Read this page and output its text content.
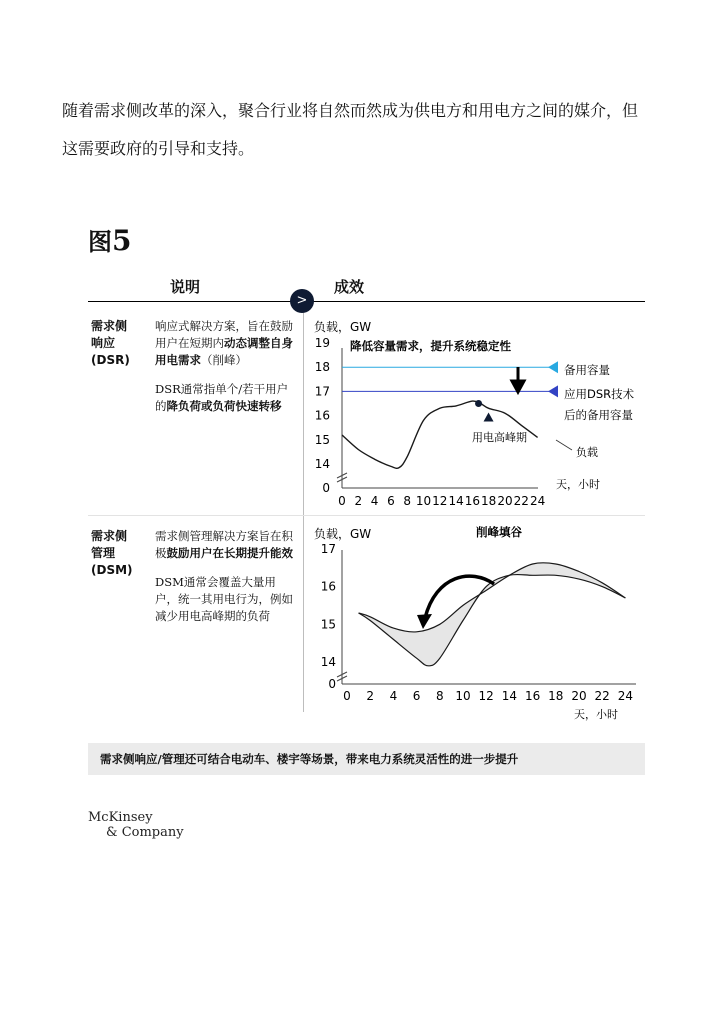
随着需求侧改革的深入，聚合行业将自然而然成为供电方和用电方之间的媒介，但
这需要政府的引导和支持。
图5
说明	成效
>
需求侧
响应
(DSR)

响应式解决方案，旨在鼓励用户在短期内动态调整自身用电需求（削峰）

DSR通常指单个/若干用户的降负荷或负荷快速转移

需求侧
管理
(DSM)

需求侧管理解决方案旨在积极鼓励用户在长期提升能效

DSM通常会覆盖大量用户，统一其用电行为，例如减少用电高峰期的负荷

负载，GW
降低容量需求，提升系统稳定性
19
18
17
16
15
14
0
0 2 4 6 8 10 12 14 16 18 20 22 24
备用容量
应用DSR技术
后的备用容量
用电高峰期
负载
天，小时
负载，GW	削峰填谷
17
16
15
14
0
0 2 4 6 8 10 12 14 16 18 20 22 24
天，小时
需求侧响应/管理还可结合电动车、楼宇等场景，带来电力系统灵活性的进一步提升
McKinsey
& Company
